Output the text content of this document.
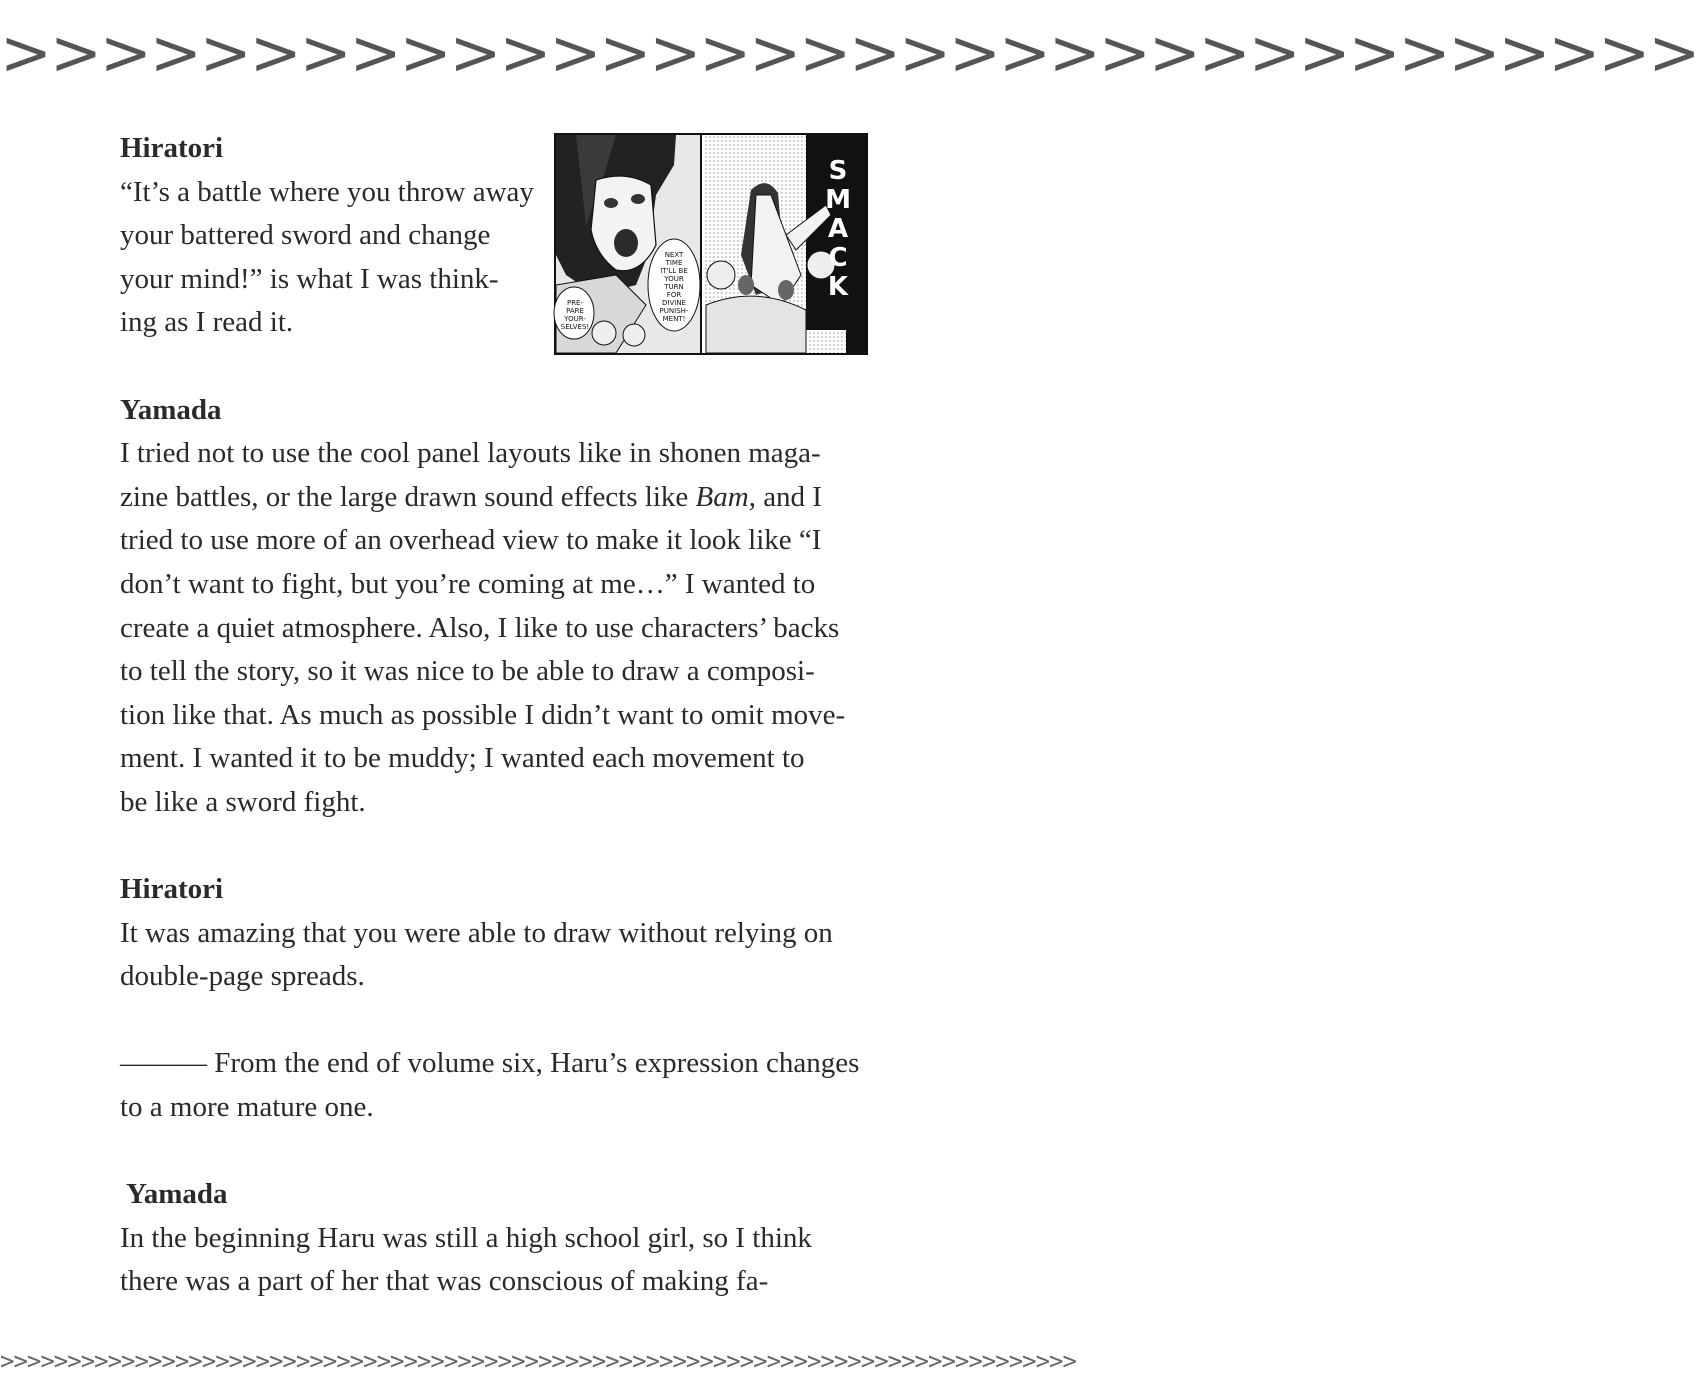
>>>>>>>>>>>>>>>>>>>>>>>>>>>>>>>>>>
PRE-
PARE
YOUR-
SELVES!
NEXT
TIME
IT'LL BE
YOUR
TURN
FOR
DIVINE
PUNISH-
MENT!
S
M
A
C
K
Hiratori

“It’s a battle where you throw away

your battered sword and change

your mind!” is what I was think-

ing as I read it.

Yamada

I tried not to use the cool panel layouts like in shonen maga-

zine battles, or the large drawn sound effects like Bam, and I

tried to use more of an overhead view to make it look like “I

don’t want to fight, but you’re coming at me…” I wanted to

create a quiet atmosphere. Also, I like to use characters’ backs

to tell the story, so it was nice to be able to draw a composi-

tion like that. As much as possible I didn’t want to omit move-

ment. I wanted it to be muddy; I wanted each movement to

be like a sword fight.

Hiratori

It was amazing that you were able to draw without relying on

double-page spreads.

——— From the end of volume six, Haru’s expression changes

to a more mature one.

Yamada

In the beginning Haru was still a high school girl, so I think

there was a part of her that was conscious of making fa-

>>>>>>>>>>>>>>>>>>>>>>>>>>>>>>>>>>>>>>>>>>>>>>>>>>>>>>>>>>>>>>>>>>>>>>>>>>>>>>>>
